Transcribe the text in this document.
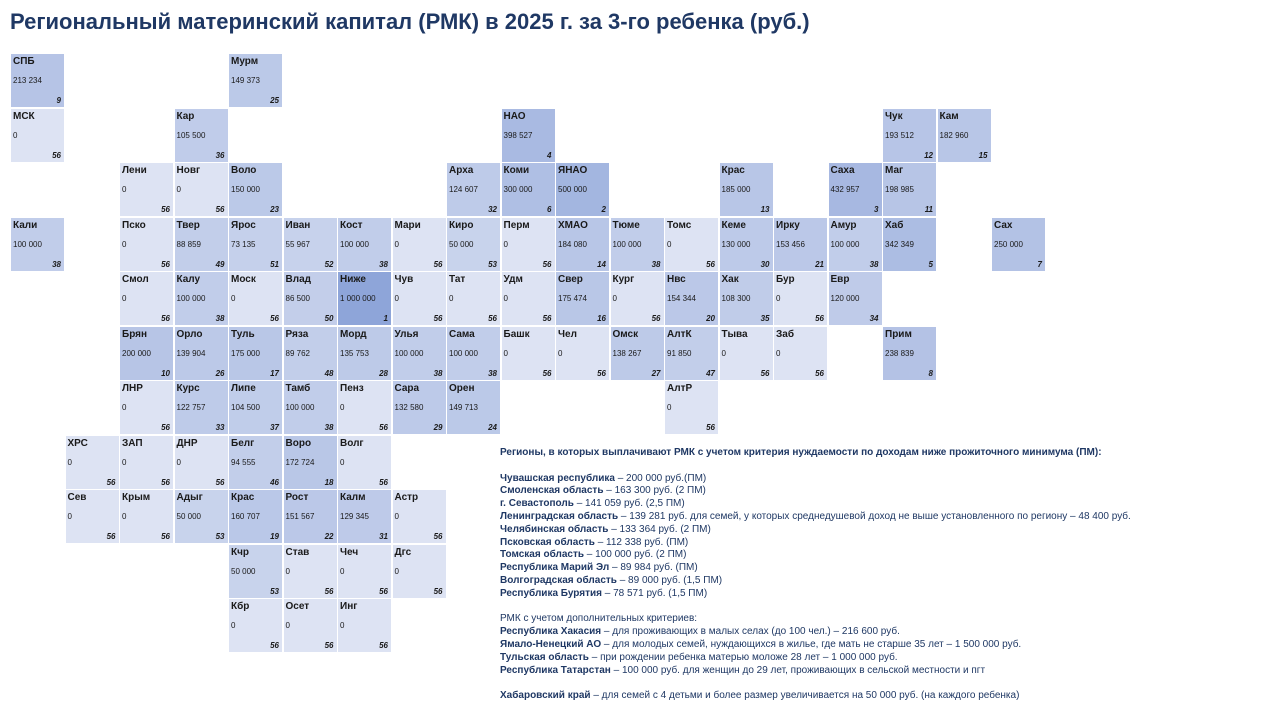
Региональный материнский капитал (РМК) в 2025 г. за 3-го ребенка (руб.)
СПБ
213 234
9
Мурм
149 373
25
МСК
0
56
Кар
105 500
36
НАО
398 527
4
Чук
193 512
12
Кам
182 960
15
Лени
0
56
Новг
0
56
Воло
150 000
23
Арха
124 607
32
Коми
300 000
6
ЯНАО
500 000
2
Крас
185 000
13
Саха
432 957
3
Маг
198 985
11
Кали
100 000
38
Пско
0
56
Твер
88 859
49
Ярос
73 135
51
Иван
55 967
52
Кост
100 000
38
Мари
0
56
Киро
50 000
53
Перм
0
56
ХМАО
184 080
14
Тюме
100 000
38
Томс
0
56
Кеме
130 000
30
Ирку
153 456
21
Амур
100 000
38
Хаб
342 349
5
Сах
250 000
7
Смол
0
56
Калу
100 000
38
Моск
0
56
Влад
86 500
50
Ниже
1 000 000
1
Чув
0
56
Тат
0
56
Удм
0
56
Свер
175 474
16
Кург
0
56
Нвс
154 344
20
Хак
108 300
35
Бур
0
56
Евр
120 000
34
Брян
200 000
10
Орло
139 904
26
Туль
175 000
17
Ряза
89 762
48
Морд
135 753
28
Улья
100 000
38
Сама
100 000
38
Башк
0
56
Чел
0
56
Омск
138 267
27
АлтК
91 850
47
Тыва
0
56
Заб
0
56
Прим
238 839
8
ЛНР
0
56
Курс
122 757
33
Липе
104 500
37
Тамб
100 000
38
Пенз
0
56
Сара
132 580
29
Орен
149 713
24
АлтР
0
56
ХРС
0
56
ЗАП
0
56
ДНР
0
56
Белг
94 555
46
Воро
172 724
18
Волг
0
56
Сев
0
56
Крым
0
56
Адыг
50 000
53
Крас
160 707
19
Рост
151 567
22
Калм
129 345
31
Астр
0
56
Кчр
50 000
53
Став
0
56
Чеч
0
56
Дгс
0
56
Кбр
0
56
Осет
0
56
Инг
0
56
Регионы, в которых выплачивают РМК с учетом критерия нуждаемости по доходам ниже прожиточного минимума (ПМ):
Чувашская республика – 200 000 руб.(ПМ)
Смоленская область – 163 300 руб. (2 ПМ)
г. Севастополь – 141 059 руб. (2,5 ПМ)
Ленинградская область – 139 281 руб. для семей, у которых среднедушевой доход не выше установленного по региону – 48 400 руб.
Челябинская область – 133 364 руб. (2 ПМ)
Псковская область – 112 338 руб. (ПМ)
Томская область – 100 000 руб. (2 ПМ)
Республика Марий Эл – 89 984 руб. (ПМ)
Волгоградская область – 89 000 руб. (1,5 ПМ)
Республика Бурятия – 78 571 руб. (1,5 ПМ)
РМК с учетом дополнительных критериев:
Республика Хакасия – для проживающих в малых селах (до 100 чел.) – 216 600 руб.
Ямало-Ненецкий АО – для молодых семей, нуждающихся в жилье, где мать не старше 35 лет – 1 500 000 руб.
Тульская область – при рождении ребенка матерью моложе 28 лет – 1 000 000 руб.
Республика Татарстан – 100 000 руб. для женщин до 29 лет, проживающих в сельской местности и пгт
Хабаровский край – для семей с 4 детьми и более размер увеличивается на 50 000 руб. (на каждого ребенка)
